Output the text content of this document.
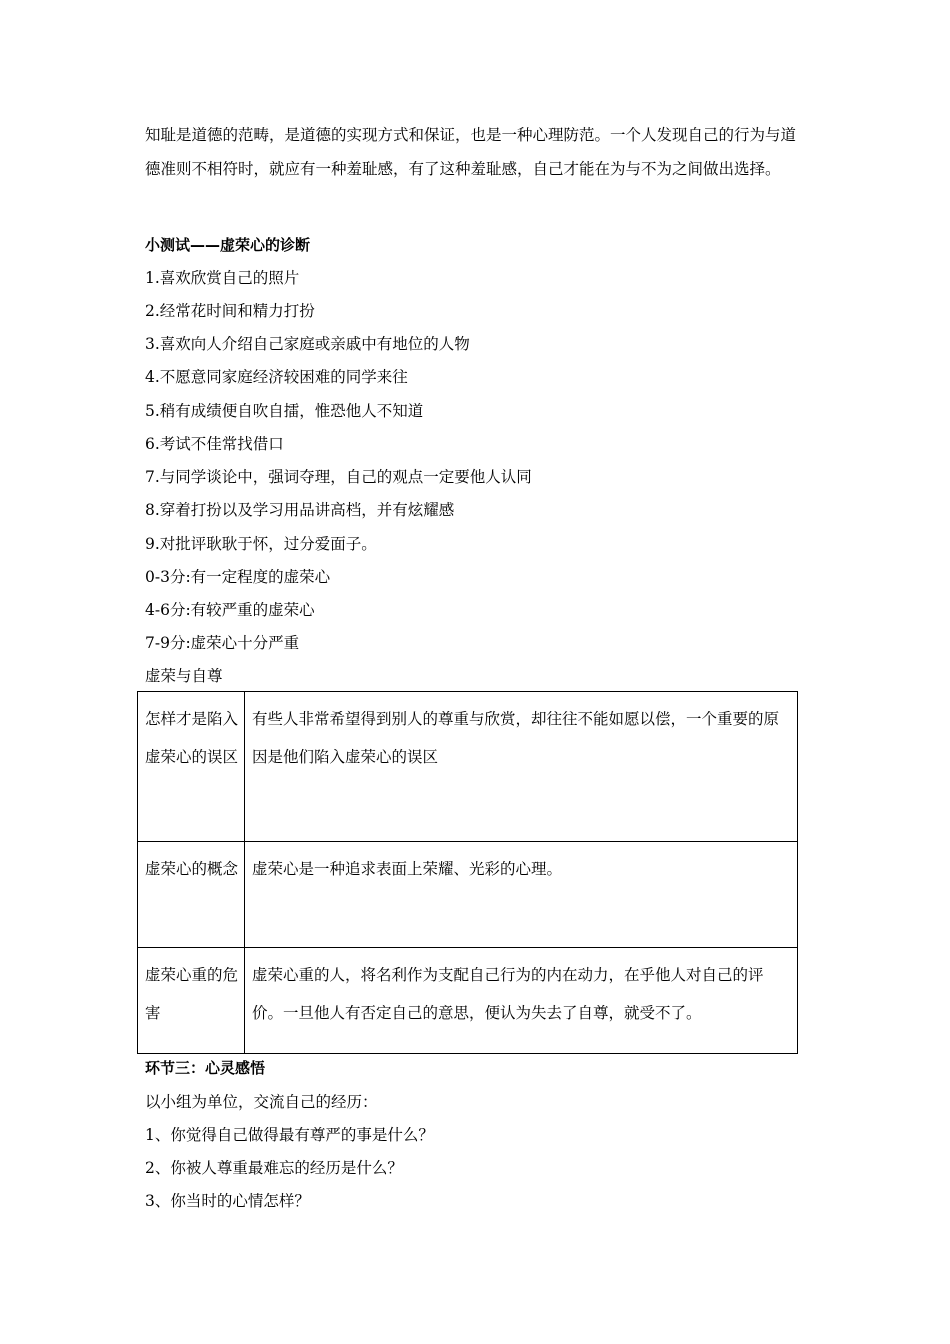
知耻是道德的范畴，是道德的实现方式和保证，也是一种心理防范。一个人发现自己的行为与道德准则不相符时，就应有一种羞耻感，有了这种羞耻感，自己才能在为与不为之间做出选择。
小测试——虚荣心的诊断
1.喜欢欣赏自己的照片
2.经常花时间和精力打扮
3.喜欢向人介绍自己家庭或亲戚中有地位的人物
4.不愿意同家庭经济较困难的同学来往
5.稍有成绩便自吹自擂，惟恐他人不知道
6.考试不佳常找借口
7.与同学谈论中，强词夺理，自己的观点一定要他人认同
8.穿着打扮以及学习用品讲高档，并有炫耀感
9.对批评耿耿于怀，过分爱面子。
0-3分:有一定程度的虚荣心
4-6分:有较严重的虚荣心
7-9分:虚荣心十分严重
虚荣与自尊
怎样才是陷入虚荣心的误区	有些人非常希望得到别人的尊重与欣赏，却往往不能如愿以偿，一个重要的原因是他们陷入虚荣心的误区
虚荣心的概念	虚荣心是一种追求表面上荣耀、光彩的心理。
虚荣心重的危害	虚荣心重的人，将名利作为支配自己行为的内在动力，在乎他人对自己的评价。一旦他人有否定自己的意思，便认为失去了自尊，就受不了。
环节三：心灵感悟
以小组为单位，交流自己的经历：
1、你觉得自己做得最有尊严的事是什么？
2、你被人尊重最难忘的经历是什么？
3、你当时的心情怎样？
